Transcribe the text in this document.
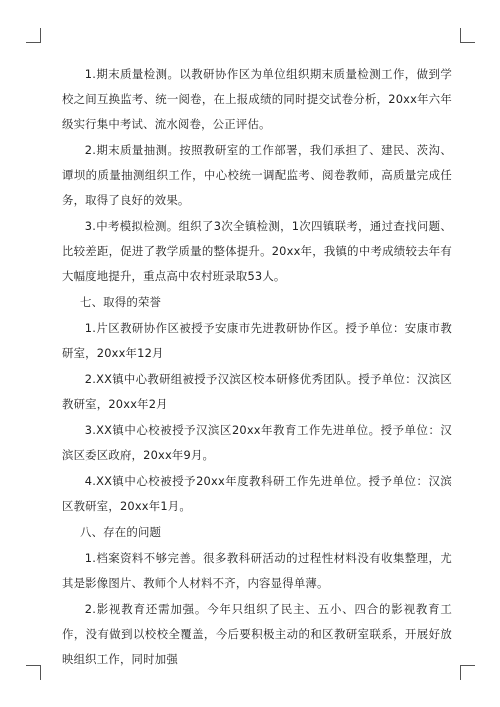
1.期末质量检测。以教研协作区为单位组织期末质量检测工作，做到学校之间互换监考、统一阅卷，在上报成绩的同时提交试卷分析，20xx年六年级实行集中考试、流水阅卷，公正评估。

2.期末质量抽测。按照教研室的工作部署，我们承担了、建民、茨沟、谭坝的质量抽测组织工作，中心校统一调配监考、阅卷教师，高质量完成任务，取得了良好的效果。

3.中考模拟检测。组织了3次全镇检测，1次四镇联考，通过查找问题、比较差距，促进了教学质量的整体提升。20xx年，我镇的中考成绩较去年有大幅度地提升，重点高中农村班录取53人。

七、取得的荣誉

1.片区教研协作区被授予安康市先进教研协作区。授予单位：安康市教研室，20xx年12月

2.XX镇中心教研组被授予汉滨区校本研修优秀团队。授予单位：汉滨区教研室，20xx年2月

3.XX镇中心校被授予汉滨区20xx年教育工作先进单位。授予单位：汉滨区委区政府，20xx年9月。

4.XX镇中心校被授予20xx年度教科研工作先进单位。授予单位：汉滨区教研室，20xx年1月。

八、存在的问题

1.档案资料不够完善。很多教科研活动的过程性材料没有收集整理，尤其是影像图片、教师个人材料不齐，内容显得单薄。

2.影视教育还需加强。今年只组织了民主、五小、四合的影视教育工作，没有做到以校校全覆盖，今后要积极主动的和区教研室联系，开展好放映组织工作，同时加强
